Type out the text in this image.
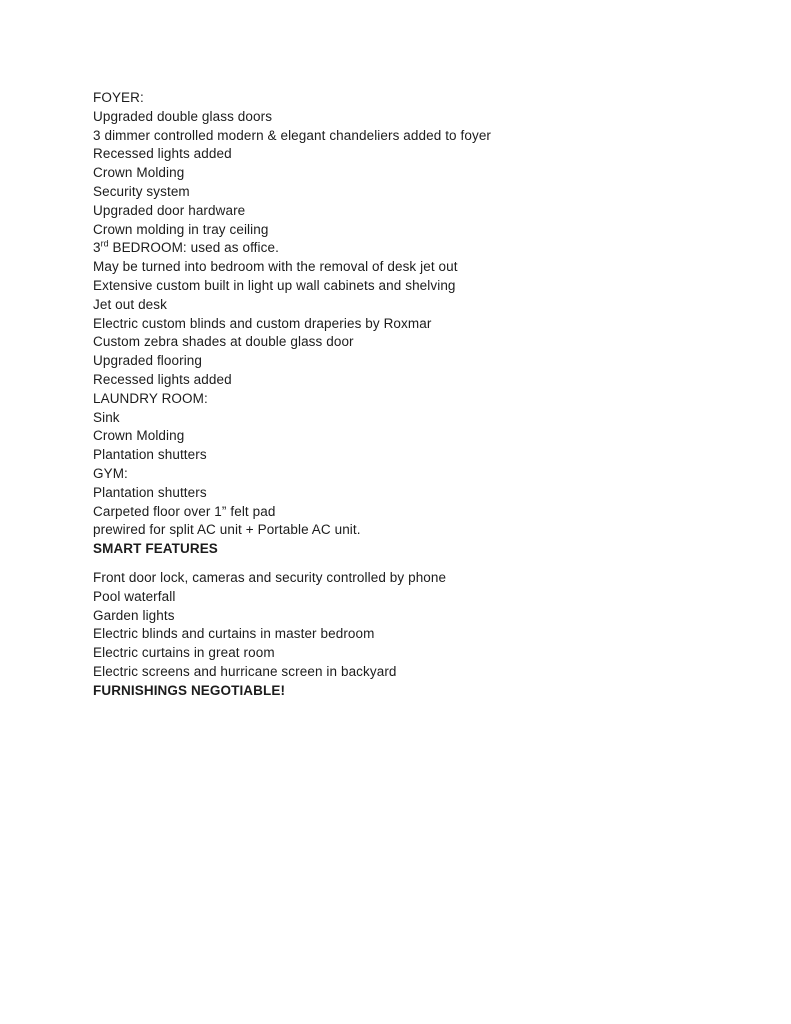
FOYER:

Upgraded double glass doors

3 dimmer controlled modern & elegant chandeliers added to foyer

Recessed lights added

Crown Molding

Security system

Upgraded door hardware

Crown molding in tray ceiling

3rd BEDROOM: used as office.

May be turned into bedroom with the removal of desk jet out

Extensive custom built in light up wall cabinets and shelving

Jet out desk

Electric custom blinds and custom draperies by Roxmar

Custom zebra shades at double glass door

Upgraded flooring

Recessed lights added

LAUNDRY ROOM:

Sink

Crown Molding

Plantation shutters

GYM:

Plantation shutters

Carpeted floor over 1” felt pad

prewired for split AC unit + Portable AC unit.

SMART FEATURES

Front door lock, cameras and security controlled by phone

Pool waterfall

Garden lights

Electric blinds and curtains in master bedroom

Electric curtains in great room

Electric screens and hurricane screen in backyard

FURNISHINGS NEGOTIABLE!
